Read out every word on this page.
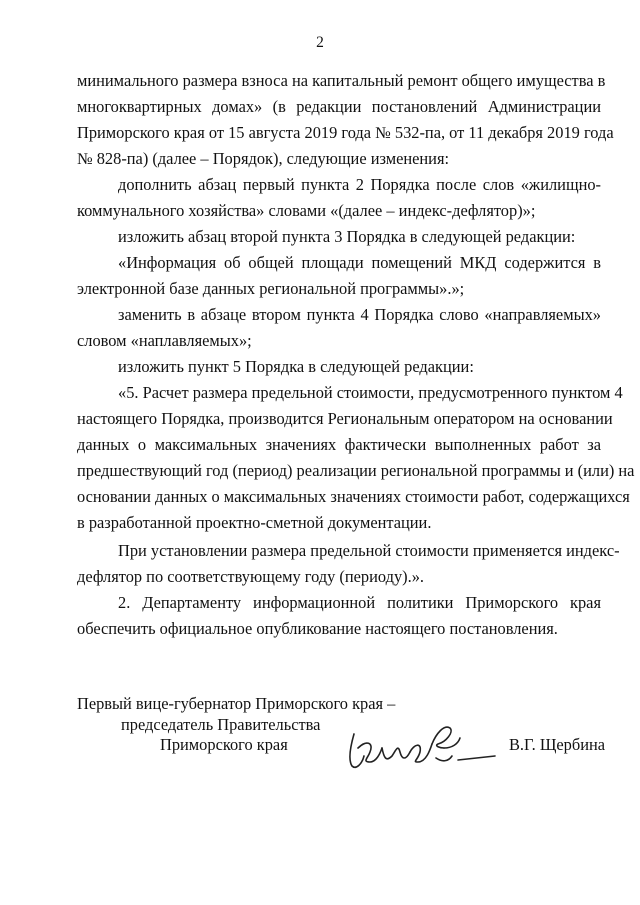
2
минимального размера взноса на капитальный ремонт общего имущества в
многоквартирных домах» (в редакции постановлений Администрации
Приморского края от 15 августа 2019 года № 532-па, от 11 декабря 2019 года
№ 828-па) (далее – Порядок), следующие изменения:
дополнить абзац первый пункта 2 Порядка после слов «жилищно-
коммунального хозяйства» словами «(далее – индекс-дефлятор)»;
изложить абзац второй пункта 3 Порядка в следующей редакции:
«Информация об общей площади помещений МКД содержится в
электронной базе данных региональной программы».»;
заменить в абзаце втором пункта 4 Порядка слово «направляемых»
словом «наплавляемых»;
изложить пункт 5 Порядка в следующей редакции:
«5. Расчет размера предельной стоимости, предусмотренного пунктом 4
настоящего Порядка, производится Региональным оператором на основании
данных о максимальных значениях фактически выполненных работ за
предшествующий год (период) реализации региональной программы и (или) на
основании данных о максимальных значениях стоимости работ, содержащихся
в разработанной проектно-сметной документации.
При установлении размера предельной стоимости применяется индекс-
дефлятор по соответствующему году (периоду).».
2. Департаменту информационной политики Приморского края
обеспечить официальное опубликование настоящего постановления.
Первый вице-губернатор Приморского края –
председатель Правительства
Приморского края	В.Г. Щербина
